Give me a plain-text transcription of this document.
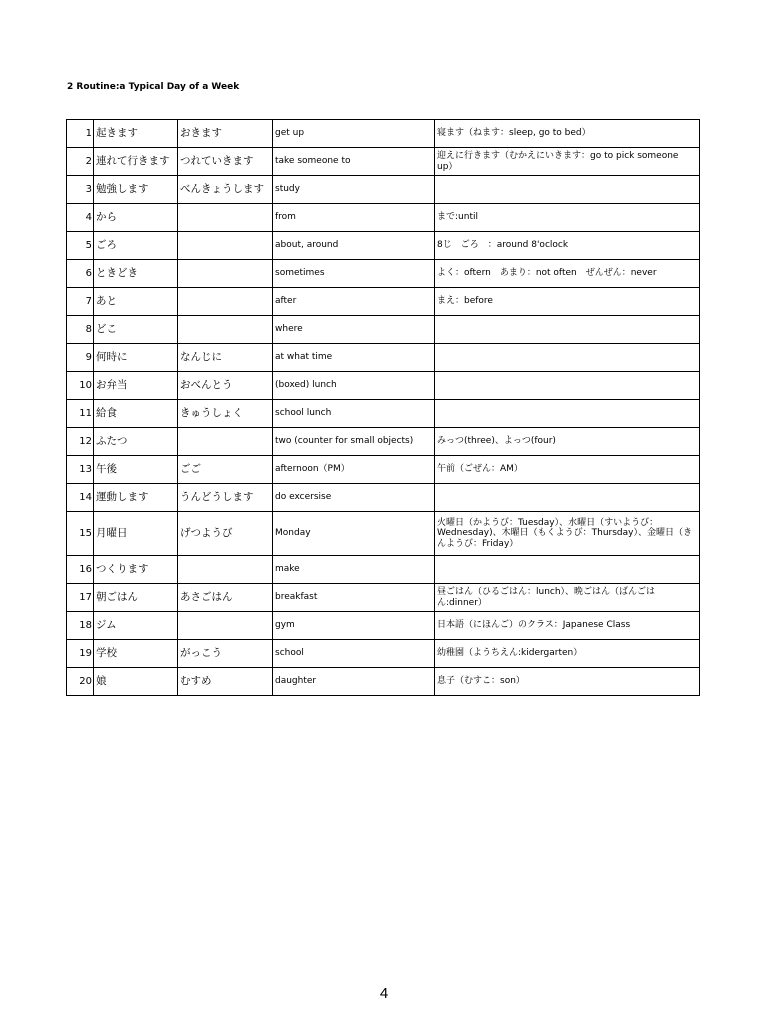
2 Routine:a Typical Day of a Week
1	起きます	おきます	get up	寝ます（ねます：sleep, go to bed）
2	連れて行きます	つれていきます	take someone to	迎えに行きます（むかえにいきます：go to pick someone up）
3	勉強します	べんきょうします	study	
4	から		from	まで:until
5	ごろ		about, around	8じ　ごろ　：around 8'oclock
6	ときどき		sometimes	よく：oftern　あまり：not often　ぜんぜん：never
7	あと		after	まえ：before
8	どこ		where	
9	何時に	なんじに	at what time	
10	お弁当	おべんとう	(boxed) lunch	
11	給食	きゅうしょく	school lunch	
12	ふたつ		two (counter for small objects)	みっつ(three)、よっつ(four)
13	午後	ごご	afternoon（PM）	午前（ごぜん：AM）
14	運動します	うんどうします	do excersise	
15	月曜日	げつようび	Monday	火曜日（かようび：Tuesday）、水曜日（すいようび：Wednesday)、木曜日（もくようび：Thursday）、金曜日（きんようび：Friday）
16	つくります		make	
17	朝ごはん	あさごはん	breakfast	昼ごはん（ひるごはん：lunch）、晩ごはん（ばんごはん:dinner）
18	ジム		gym	日本語（にほんご）のクラス：Japanese Class
19	学校	がっこう	school	幼稚園（ようちえん:kidergarten）
20	娘	むすめ	daughter	息子（むすこ：son）
4
